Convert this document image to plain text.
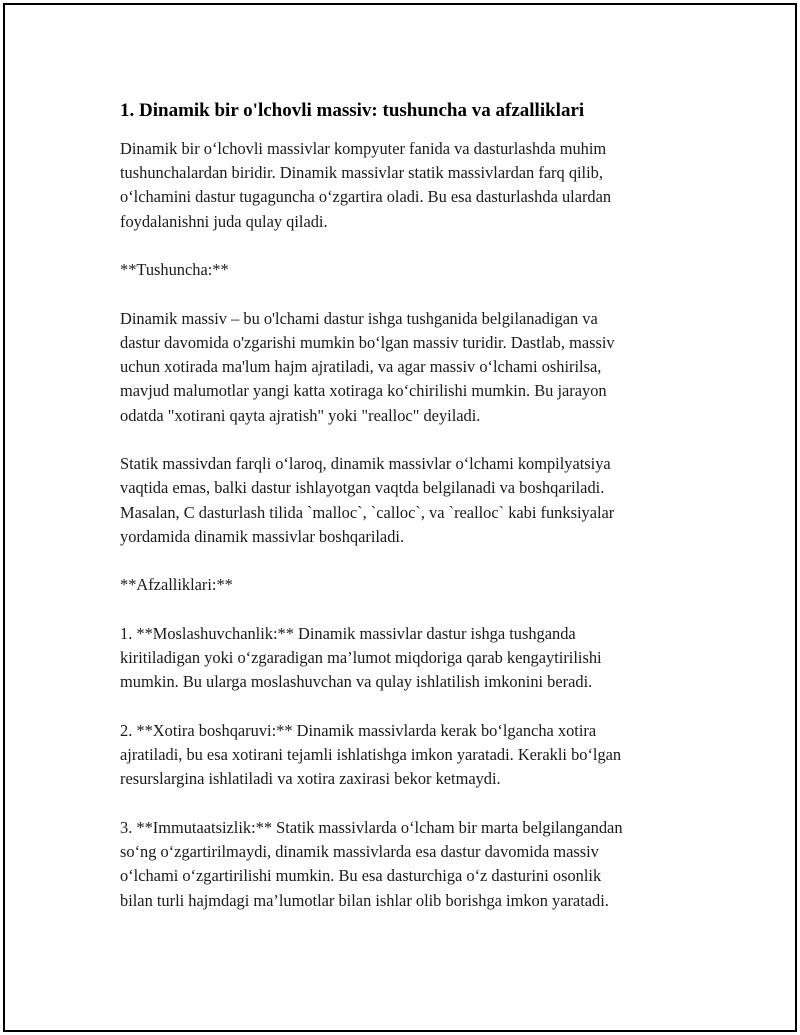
1. Dinamik bir o'lchovli massiv: tushuncha va afzalliklari
Dinamik bir o‘lchovli massivlar kompyuter fanida va dasturlashda muhim
tushunchalardan biridir. Dinamik massivlar statik massivlardan farq qilib,
o‘lchamini dastur tugaguncha o‘zgartira oladi. Bu esa dasturlashda ulardan
foydalanishni juda qulay qiladi.
**Tushuncha:**
Dinamik massiv – bu o'lchami dastur ishga tushganida belgilanadigan va
dastur davomida o'zgarishi mumkin bo‘lgan massiv turidir. Dastlab, massiv
uchun xotirada ma'lum hajm ajratiladi, va agar massiv o‘lchami oshirilsa,
mavjud malumotlar yangi katta xotiraga ko‘chirilishi mumkin. Bu jarayon
odatda "xotirani qayta ajratish" yoki "realloc" deyiladi.
Statik massivdan farqli o‘laroq, dinamik massivlar o‘lchami kompilyatsiya
vaqtida emas, balki dastur ishlayotgan vaqtda belgilanadi va boshqariladi.
Masalan, C dasturlash tilida `malloc`, `calloc`, va `realloc` kabi funksiyalar
yordamida dinamik massivlar boshqariladi.
**Afzalliklari:**
1. **Moslashuvchanlik:** Dinamik massivlar dastur ishga tushganda
kiritiladigan yoki o‘zgaradigan ma’lumot miqdoriga qarab kengaytirilishi
mumkin. Bu ularga moslashuvchan va qulay ishlatilish imkonini beradi.
2. **Xotira boshqaruvi:** Dinamik massivlarda kerak bo‘lgancha xotira
ajratiladi, bu esa xotirani tejamli ishlatishga imkon yaratadi. Kerakli bo‘lgan
resurslargina ishlatiladi va xotira zaxirasi bekor ketmaydi.
3. **Immutaatsizlik:** Statik massivlarda o‘lcham bir marta belgilangandan
so‘ng o‘zgartirilmaydi, dinamik massivlarda esa dastur davomida massiv
o‘lchami o‘zgartirilishi mumkin. Bu esa dasturchiga o‘z dasturini osonlik
bilan turli hajmdagi ma’lumotlar bilan ishlar olib borishga imkon yaratadi.
